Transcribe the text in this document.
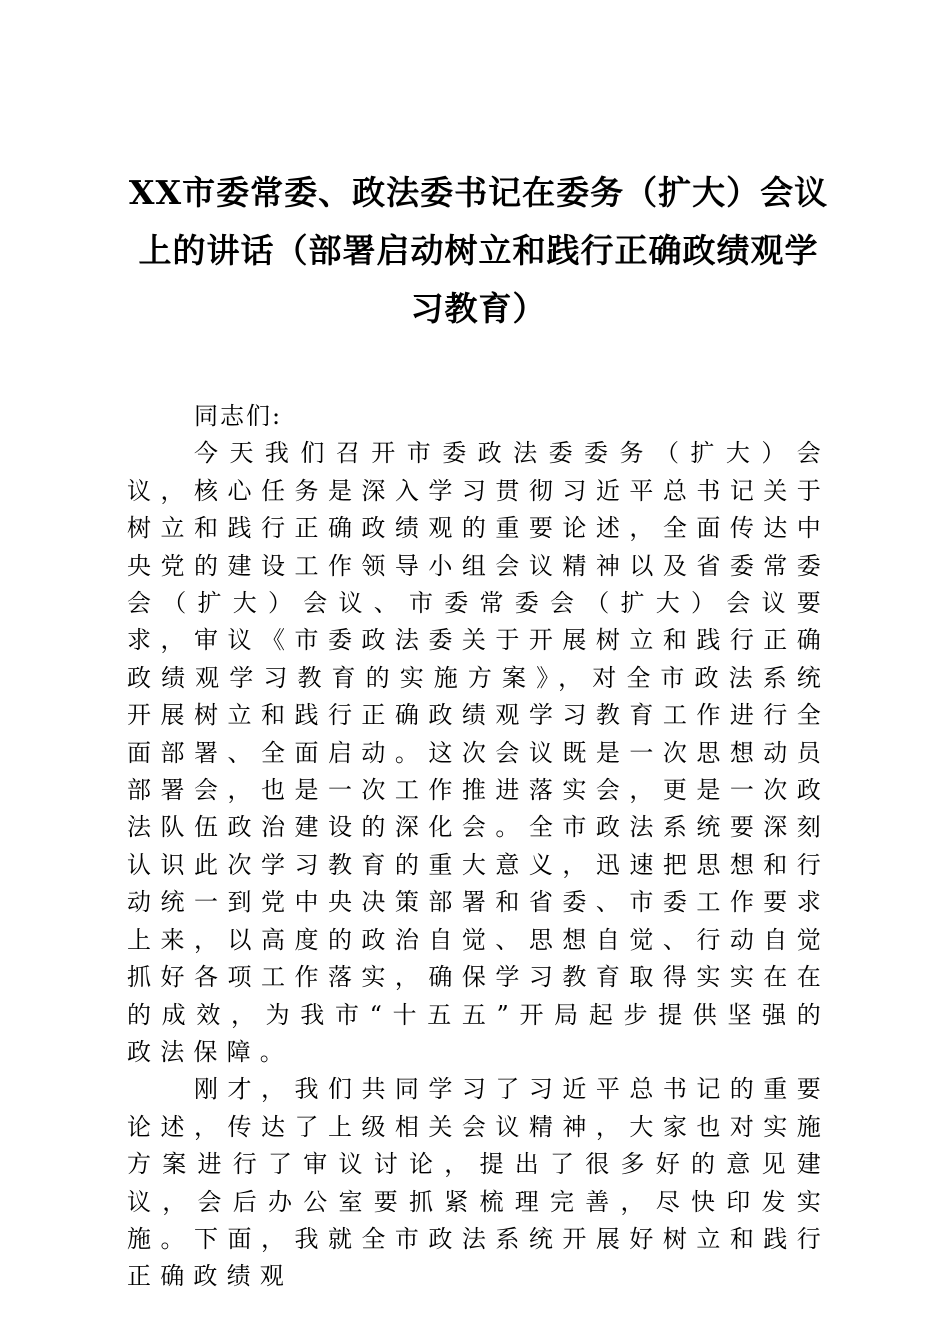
XX市委常委、政法委书记在委务（扩大）会议上的讲话（部署启动树立和践行正确政绩观学习教育）

同志们:

今天我们召开市委政法委委务（扩大）会议，核心任务是深入学习贯彻习近平总书记关于树立和践行正确政绩观的重要论述，全面传达中央党的建设工作领导小组会议精神以及省委常委会（扩大）会议、市委常委会（扩大）会议要求，审议《市委政法委关于开展树立和践行正确政绩观学习教育的实施方案》，对全市政法系统开展树立和践行正确政绩观学习教育工作进行全面部署、全面启动。这次会议既是一次思想动员部署会，也是一次工作推进落实会，更是一次政法队伍政治建设的深化会。全市政法系统要深刻认识此次学习教育的重大意义，迅速把思想和行动统一到党中央决策部署和省委、市委工作要求上来，以高度的政治自觉、思想自觉、行动自觉抓好各项工作落实，确保学习教育取得实实在在的成效，为我市“十五五”开局起步提供坚强的政法保障。

刚才，我们共同学习了习近平总书记的重要论述，传达了上级相关会议精神，大家也对实施方案进行了审议讨论，提出了很多好的意见建议，会后办公室要抓紧梳理完善，尽快印发实施。下面，我就全市政法系统开展好树立和践行正确政绩观
